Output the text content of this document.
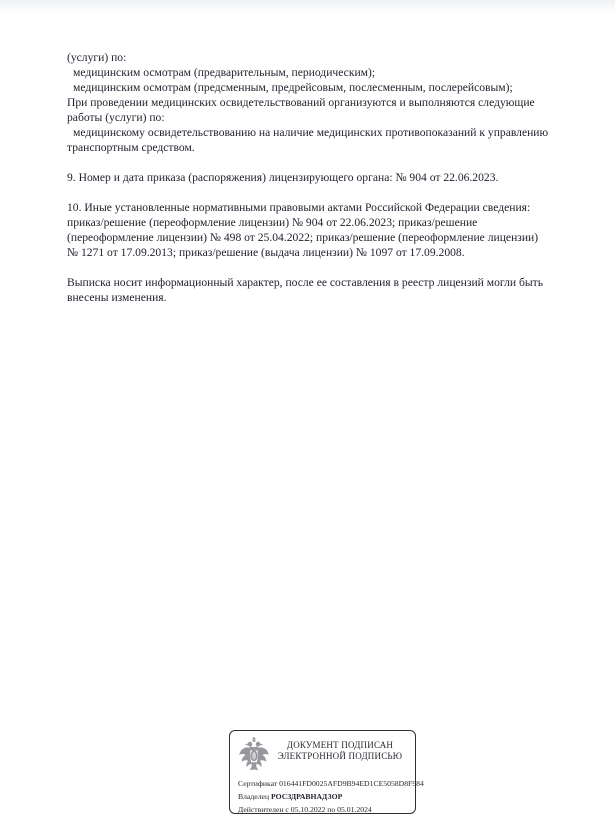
(услуги) по:
медицинским осмотрам (предварительным, периодическим);
медицинским осмотрам (предсменным, предрейсовым, послесменным, послерейсовым);
При проведении медицинских освидетельствований организуются и выполняются следующие
работы (услуги) по:
медицинскому освидетельствованию на наличие медицинских противопоказаний к управлению
транспортным средством.
9. Номер и дата приказа (распоряжения) лицензирующего органа: № 904 от 22.06.2023.
10. Иные установленные нормативными правовыми актами Российской Федерации сведения:
приказ/решение (переоформление лицензии) № 904 от 22.06.2023; приказ/решение
(переоформление лицензии) № 498 от 25.04.2022; приказ/решение (переоформление лицензии)
№ 1271 от 17.09.2013; приказ/решение (выдача лицензии) № 1097 от 17.09.2008.
Выписка носит информационный характер, после ее составления в реестр лицензий могли быть
внесены изменения.
ДОКУМЕНТ ПОДПИСАН
ЭЛЕКТРОННОЙ ПОДПИСЬЮ
Сертификат 016441FD0025AFD9B94ED1CE5058D8F984
Владелец РОСЗДРАВНАДЗОР
Действителен с 05.10.2022 по 05.01.2024
